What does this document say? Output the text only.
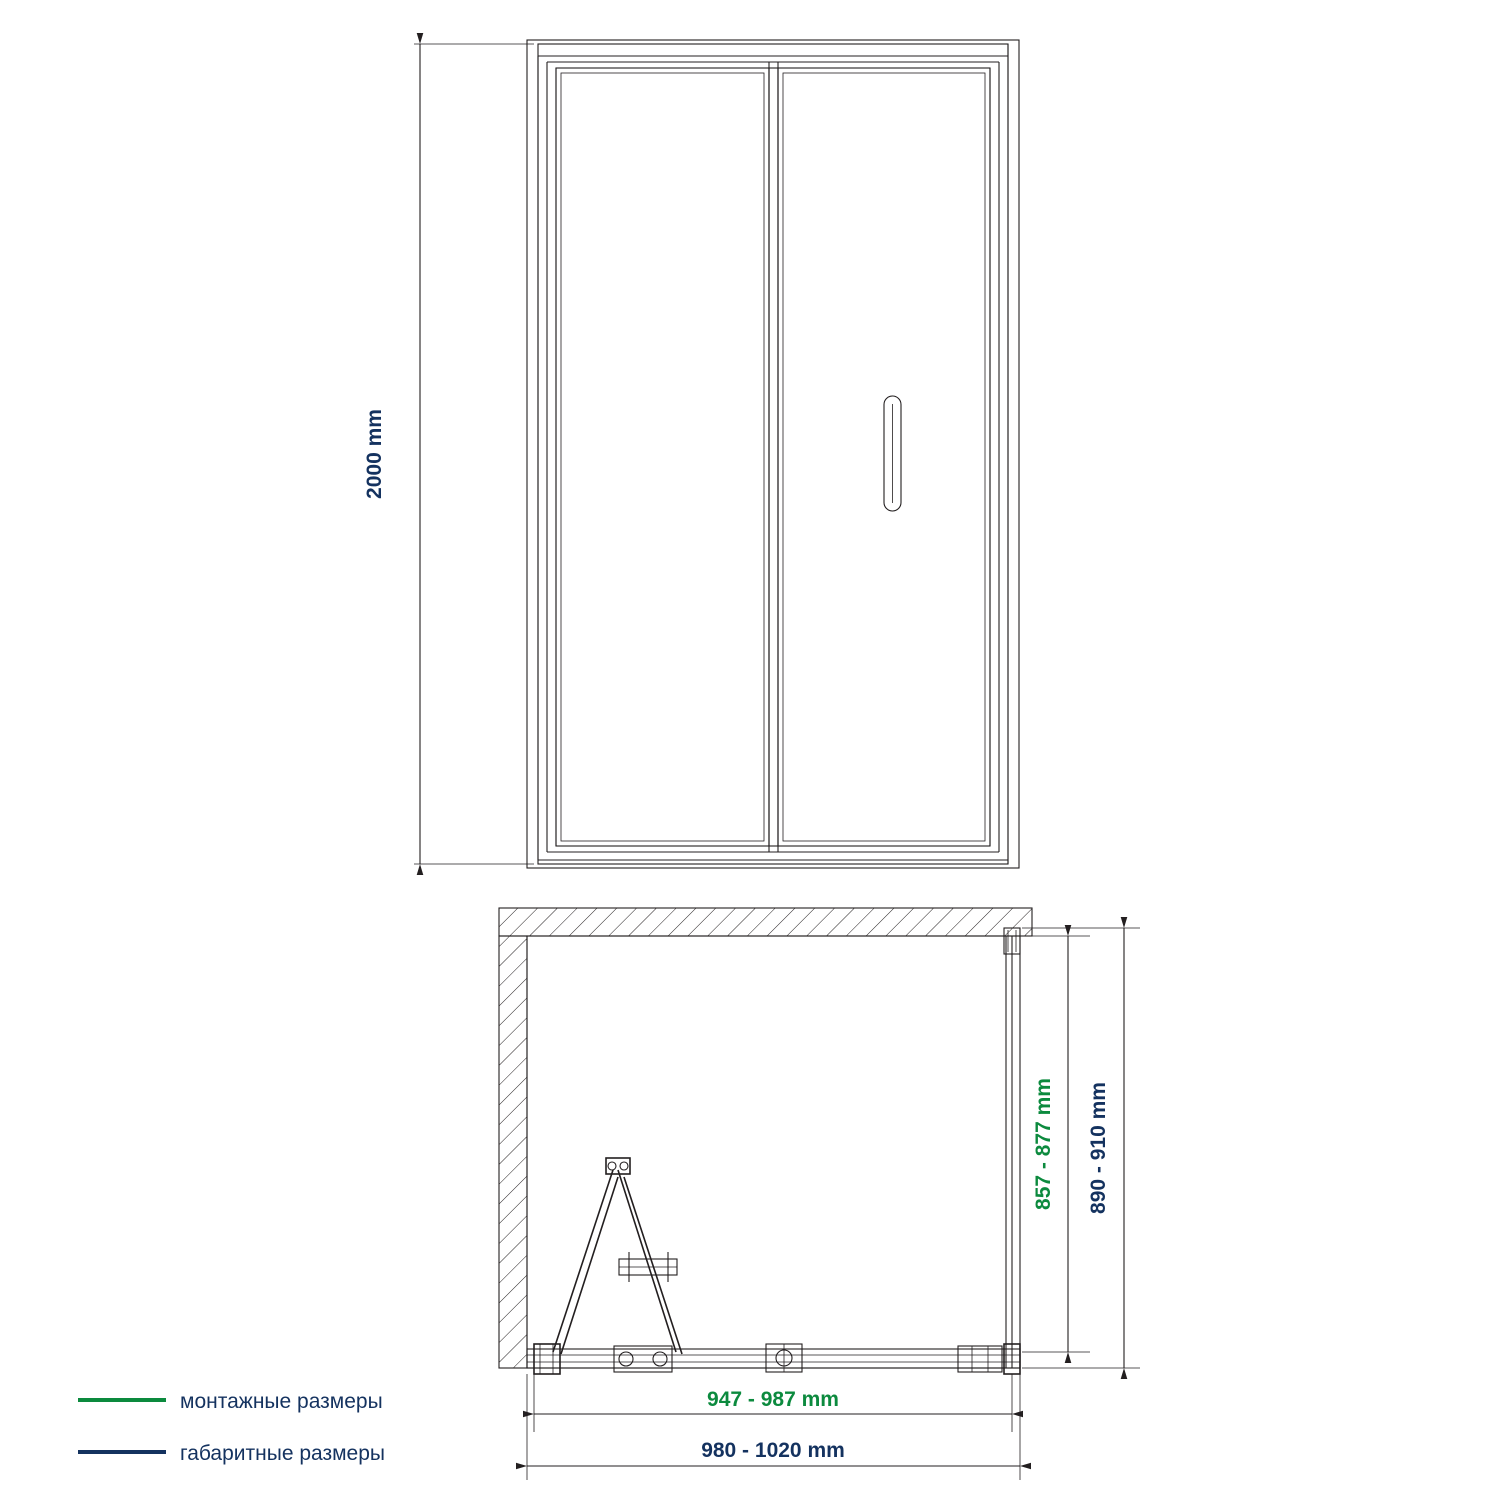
2000 mm
857 - 877 mm 890 - 910 mm
947 - 987 mm
980 - 1020 mm
монтажные размеры
габаритные размеры
